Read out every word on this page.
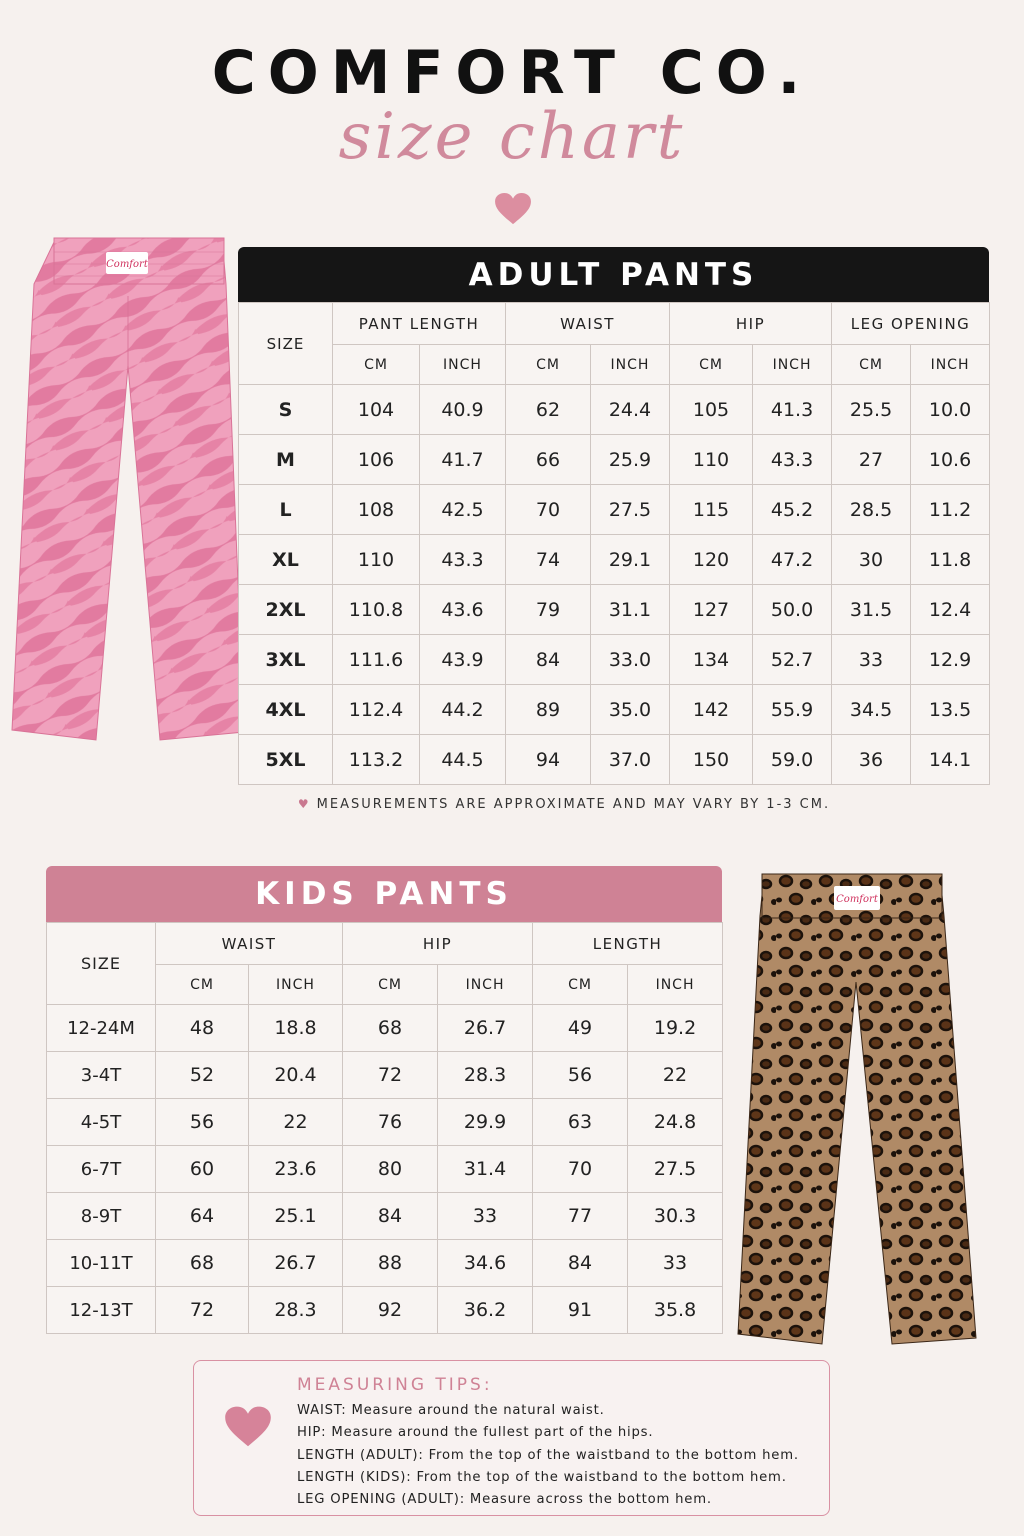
COMFORT CO.
size chart
Comfort	ADULT PANTS
SIZE	PANT LENGTH		WAIST		HIP		LEG OPENING	
	CM	INCH	CM	INCH	CM	INCH	CM	INCH
S	104	40.9	62	24.4	105	41.3	25.5	10.0
M	106	41.7	66	25.9	110	43.3	27	10.6
L	108	42.5	70	27.5	115	45.2	28.5	11.2
XL	110	43.3	74	29.1	120	47.2	30	11.8
2XL	110.8	43.6	79	31.1	127	50.0	31.5	12.4
3XL	111.6	43.9	84	33.0	134	52.7	33	12.9
4XL	112.4	44.2	89	35.0	142	55.9	34.5	13.5
5XL	113.2	44.5	94	37.0	150	59.0	36	14.1
♥ MEASUREMENTS ARE APPROXIMATE AND MAY VARY BY 1-3 CM.
KIDS PANTS
SIZE	WAIST		HIP		LENGTH	
	CM	INCH	CM	INCH	CM	INCH
12-24M	48	18.8	68	26.7	49	19.2
3-4T	52	20.4	72	28.3	56	22
4-5T	56	22	76	29.9	63	24.8
6-7T	60	23.6	80	31.4	70	27.5
8-9T	64	25.1	84	33	77	30.3
10-11T	68	26.7	88	34.6	84	33
12-13T	72	28.3	92	36.2	91	35.8
Comfort
MEASURING TIPS:
WAIST: Measure around the natural waist.
HIP: Measure around the fullest part of the hips.
LENGTH (ADULT): From the top of the waistband to the bottom hem.
LENGTH (KIDS): From the top of the waistband to the bottom hem.
LEG OPENING (ADULT): Measure across the bottom hem.
